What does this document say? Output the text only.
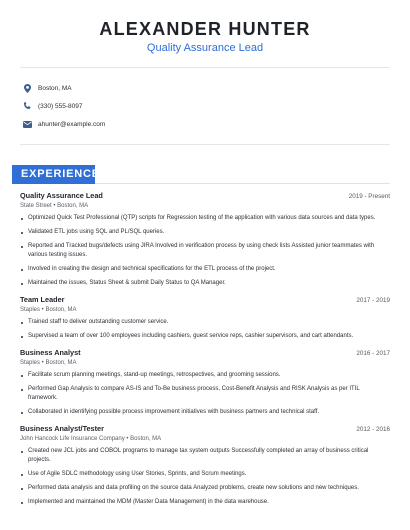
ALEXANDER HUNTER
Quality Assurance Lead
Boston, MA
(330) 555-8097
ahunter@example.com
EXPERIENCE
Quality Assurance Lead	2019 - Present
State Street • Boston, MA
Optimized Quick Test Professional (QTP) scripts for Regression testing of the application with various data sources and data types.
Validated ETL jobs using SQL and PL/SQL queries.
Reported and Tracked bugs/defects using JIRA Involved in verification process by using check lists Assisted junior teammates with various testing issues.
Involved in creating the design and technical specifications for the ETL process of the project.
Maintained the issues, Status Sheet & submit Daily Status to QA Manager.
Team Leader	2017 - 2019
Staples • Boston, MA
Trained staff to deliver outstanding customer service.
Supervised a team of over 100 employees including cashiers, guest service reps, cashier supervisors, and cart attendants.
Business Analyst	2016 - 2017
Staples • Boston, MA
Facilitate scrum planning meetings, stand-up meetings, retrospectives, and grooming sessions.
Performed Gap Analysis to compare AS-IS and To-Be business process, Cost-Benefit Analysis and RISK Analysis as per ITIL framework.
Collaborated in identifying possible process improvement initiatives with business partners and technical staff.
Business Analyst/Tester	2012 - 2016
John Hancock Life Insurance Company • Boston, MA
Created new JCL jobs and COBOL programs to manage tax system outputs Successfully completed an array of business critical projects.
Use of Agile SDLC methodology using User Stories, Sprints, and Scrum meetings.
Performed data analysis and data profiling on the source data Analyzed problems, create new solutions and new techniques.
Implemented and maintained the MDM (Master Data Management) in the data warehouse.
